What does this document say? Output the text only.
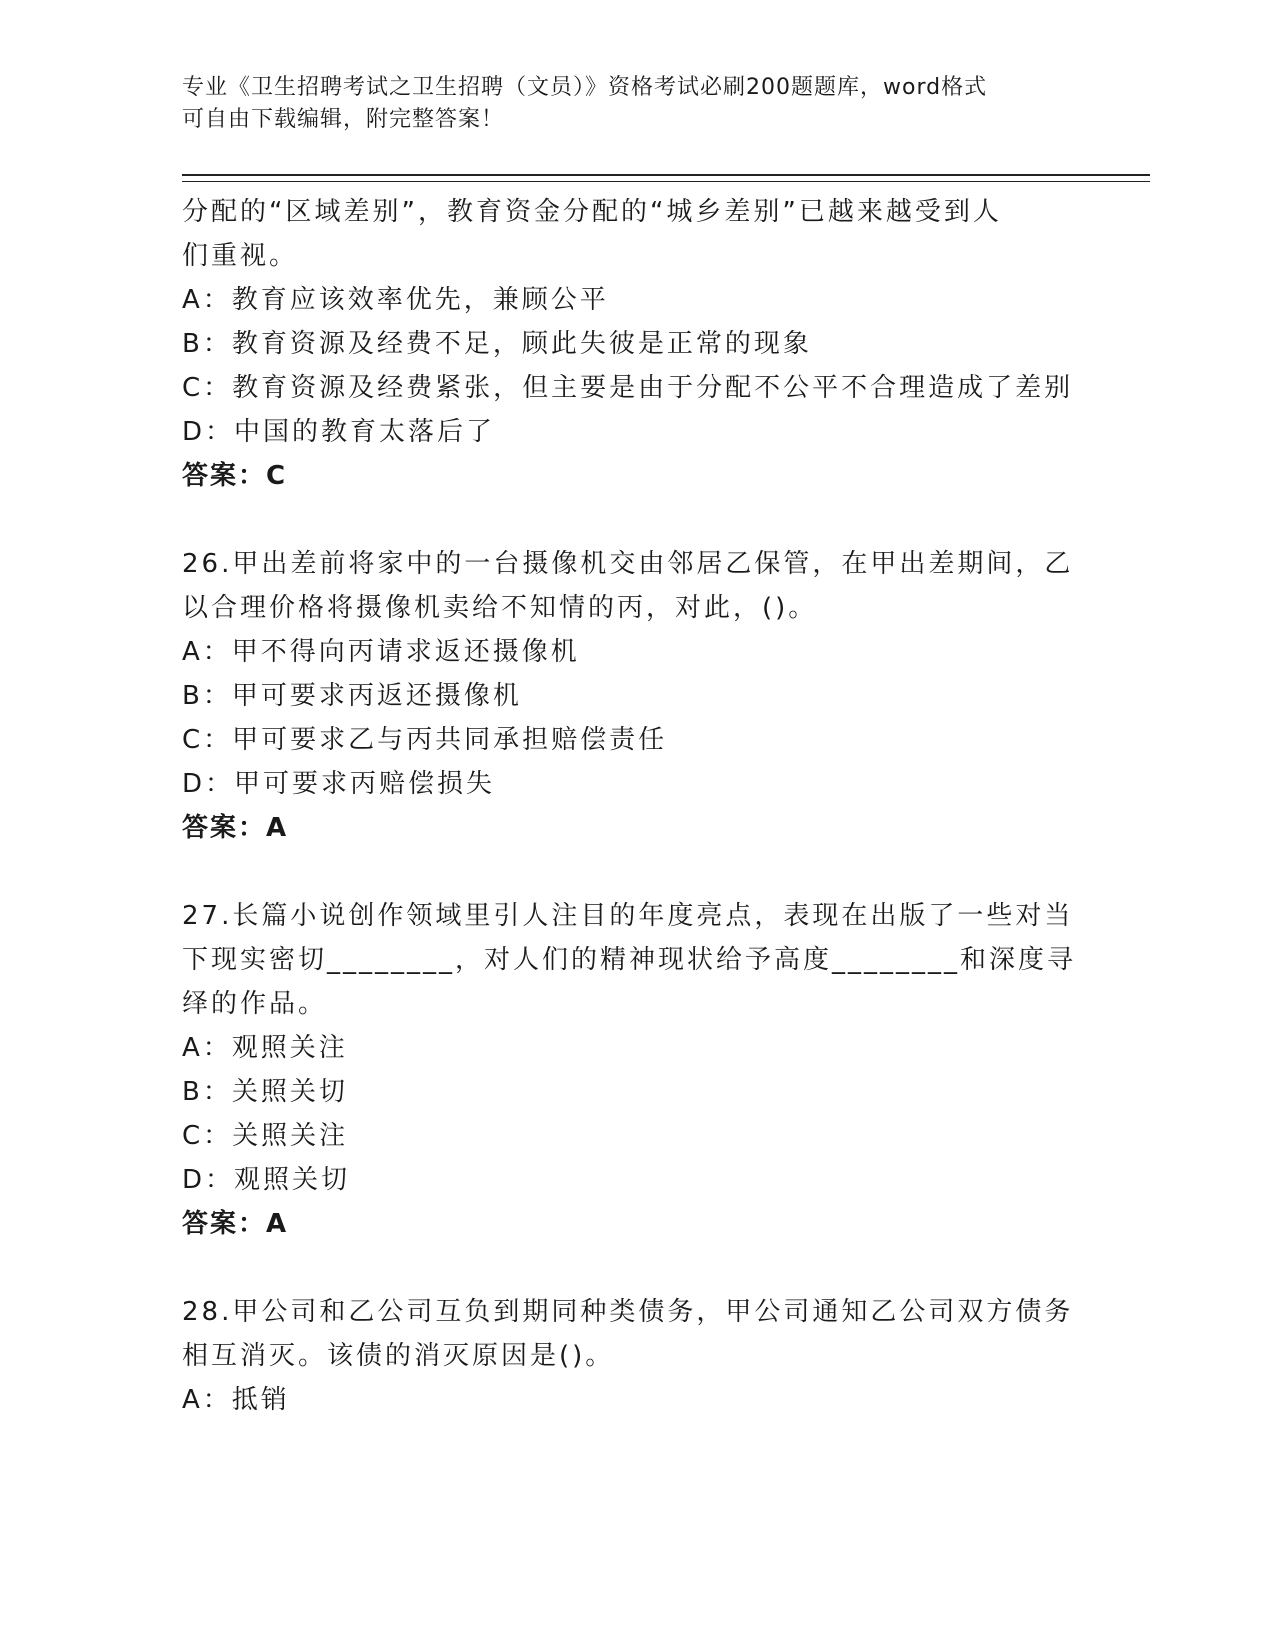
专业《卫生招聘考试之卫生招聘（文员）》资格考试必刷200题题库，word格式
可自由下载编辑，附完整答案！
分配的“区域差别”，教育资金分配的“城乡差别”已越来越受到人
们重视。
A：教育应该效率优先，兼顾公平
B：教育资源及经费不足，顾此失彼是正常的现象
C：教育资源及经费紧张，但主要是由于分配不公平不合理造成了差别
D：中国的教育太落后了
答案：C
26.甲出差前将家中的一台摄像机交由邻居乙保管，在甲出差期间，乙
以合理价格将摄像机卖给不知情的丙，对此，()。
A：甲不得向丙请求返还摄像机
B：甲可要求丙返还摄像机
C：甲可要求乙与丙共同承担赔偿责任
D：甲可要求丙赔偿损失
答案：A
27.长篇小说创作领域里引人注目的年度亮点，表现在出版了一些对当
下现实密切________，对人们的精神现状给予高度________和深度寻
绎的作品。
A：观照关注
B：关照关切
C：关照关注
D：观照关切
答案：A
28.甲公司和乙公司互负到期同种类债务，甲公司通知乙公司双方债务
相互消灭。该债的消灭原因是()。
A：抵销
